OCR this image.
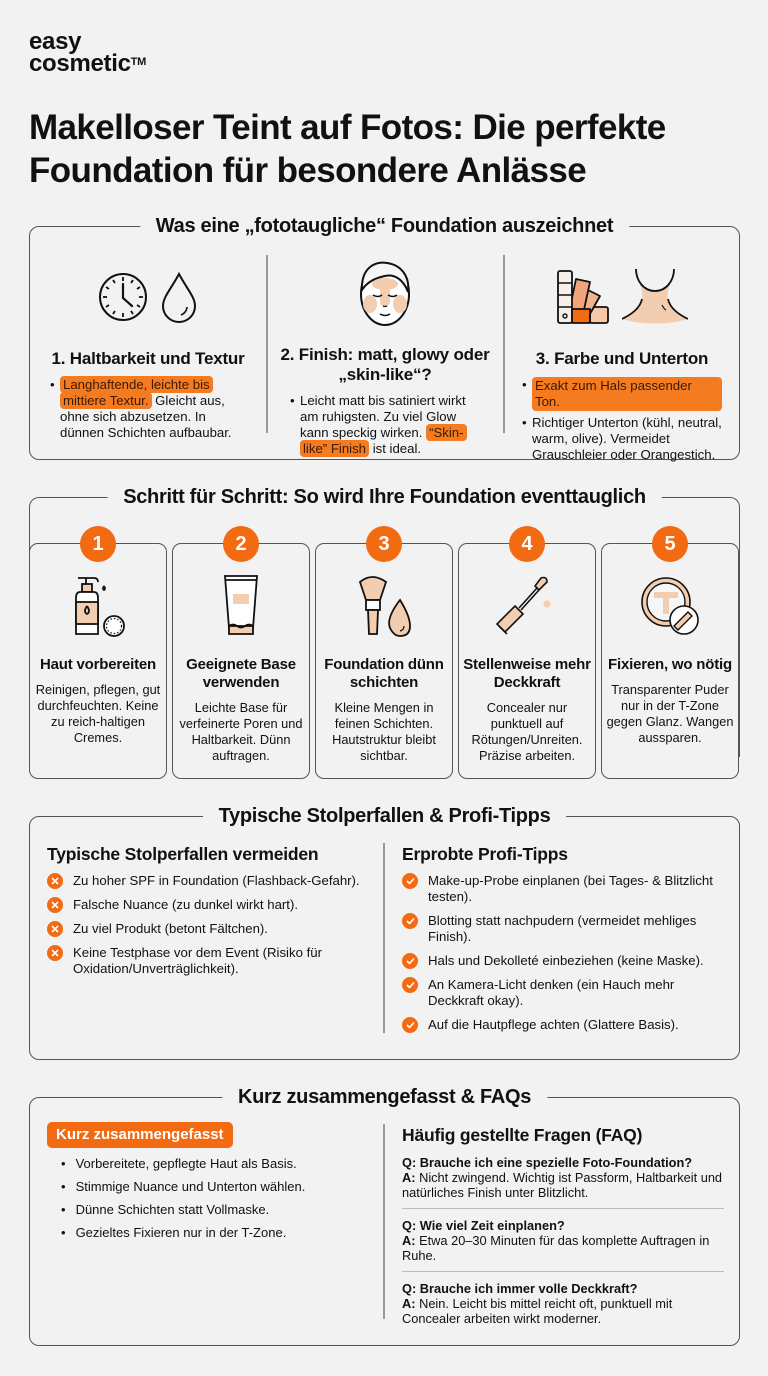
easy
cosmetic™
Makelloser Teint auf Fotos: Die perfekte Foundation für besondere Anlässe
Was eine „fototaugliche“ Foundation auszeichnet
1. Haltbarkeit und Textur
• Langhaftende, leichte bis mittiere Textur. Gleicht aus, ohne sich abzusetzen. In dünnen Schichten aufbaubar.
2. Finish: matt, glowy oder „skin-like“?
• Leicht matt bis satiniert wirkt am ruhigsten. Zu viel Glow kann speckig wirken. “Skin-like” Finish ist ideal.
3. Farbe und Unterton
• Exakt zum Hals passender Ton.
• Richtiger Unterton (kühl, neutral, warm, olive). Vermeidet Grauschleier oder Orangestich.
Schritt für Schritt: So wird Ihre Foundation eventtauglich
1
Haut vorbereiten
Reinigen, pflegen, gut durchfeuchten. Keine zu reich-haltigen Cremes.
2
Geeignete Base verwenden
Leichte Base für verfeinerte Poren und Haltbarkeit. Dünn auftragen.
3
Foundation dünn schichten
Kleine Mengen in feinen Schichten. Hautstruktur bleibt sichtbar.
4
Stellenweise mehr Deckkraft
Concealer nur punktuell auf Rötungen/Unreiten. Präzise arbeiten.
5
Fixieren, wo nötig
Transparenter Puder nur in der T-Zone gegen Glanz. Wangen aussparen.
Typische Stolperfallen & Profi-Tipps
Typische Stolperfallen vermeiden
Zu hoher SPF in Foundation (Flashback-Gefahr).
Falsche Nuance (zu dunkel wirkt hart).
Zu viel Produkt (betont Fältchen).
Keine Testphase vor dem Event (Risiko für Oxidation/Unverträglichkeit).
Erprobte Profi-Tipps
Make-up-Probe einplanen (bei Tages- & Blitzlicht testen).
Blotting statt nachpudern (vermeidet mehliges Finish).
Hals und Dekolleté einbeziehen (keine Maske).
An Kamera-Licht denken (ein Hauch mehr Deckkraft okay).
Auf die Hautpflege achten (Glattere Basis).
Kurz zusammengefasst & FAQs
Kurz zusammengefasst
• Vorbereitete, gepflegte Haut als Basis.
• Stimmige Nuance und Unterton wählen.
• Dünne Schichten statt Vollmaske.
• Gezieltes Fixieren nur in der T-Zone.
Häufig gestellte Fragen (FAQ)
Q: Brauche ich eine spezielle Foto-Foundation?
A: Nicht zwingend. Wichtig ist Passform, Haltbarkeit und natürliches Finish unter Blitzlicht.
Q: Wie viel Zeit einplanen?
A: Etwa 20–30 Minuten für das komplette Auftragen in Ruhe.
Q: Brauche ich immer volle Deckkraft?
A: Nein. Leicht bis mittel reicht oft, punktuell mit Concealer arbeiten wirkt moderner.
